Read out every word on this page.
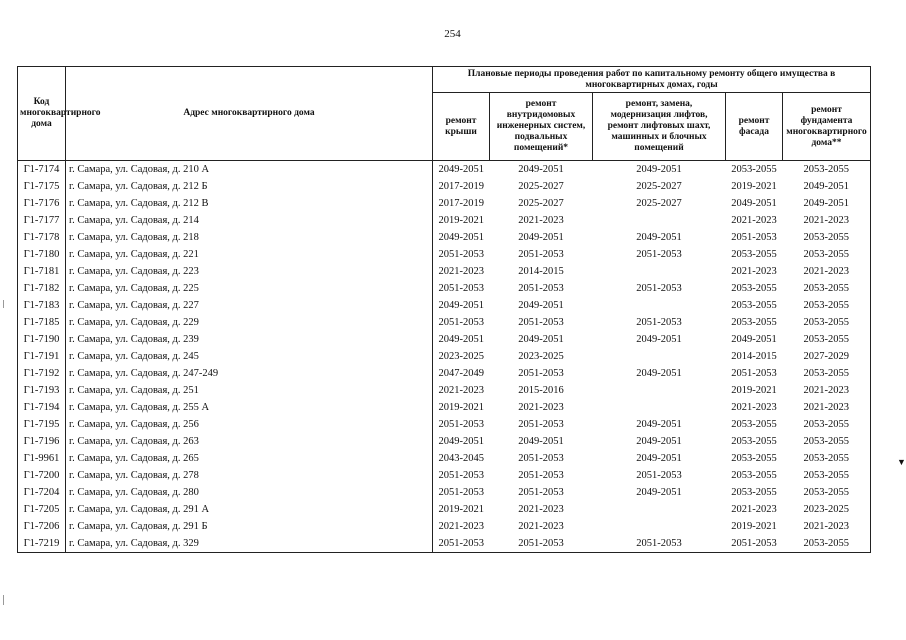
254
Код многоквартирного дома	Адрес многоквартирного дома	Плановые периоды проведения работ по капитальному ремонту общего имущества в многоквартирных домах, годы				
		ремонт крыши	ремонт внутридомовых инженерных систем, подвальных помещений*	ремонт, замена, модернизация лифтов, ремонт лифтовых шахт, машинных и блочных помещений	ремонт фасада	ремонт фундамента многоквартирного дома**
Г1-7174	г. Самара, ул. Садовая, д. 210 А	2049-2051	2049-2051	2049-2051	2053-2055	2053-2055
Г1-7175	г. Самара, ул. Садовая, д. 212 Б	2017-2019	2025-2027	2025-2027	2019-2021	2049-2051
Г1-7176	г. Самара, ул. Садовая, д. 212 В	2017-2019	2025-2027	2025-2027	2049-2051	2049-2051
Г1-7177	г. Самара, ул. Садовая, д. 214	2019-2021	2021-2023		2021-2023	2021-2023
Г1-7178	г. Самара, ул. Садовая, д. 218	2049-2051	2049-2051	2049-2051	2051-2053	2053-2055
Г1-7180	г. Самара, ул. Садовая, д. 221	2051-2053	2051-2053	2051-2053	2053-2055	2053-2055
Г1-7181	г. Самара, ул. Садовая, д. 223	2021-2023	2014-2015		2021-2023	2021-2023
Г1-7182	г. Самара, ул. Садовая, д. 225	2051-2053	2051-2053	2051-2053	2053-2055	2053-2055
Г1-7183	г. Самара, ул. Садовая, д. 227	2049-2051	2049-2051		2053-2055	2053-2055
Г1-7185	г. Самара, ул. Садовая, д. 229	2051-2053	2051-2053	2051-2053	2053-2055	2053-2055
Г1-7190	г. Самара, ул. Садовая, д. 239	2049-2051	2049-2051	2049-2051	2049-2051	2053-2055
Г1-7191	г. Самара, ул. Садовая, д. 245	2023-2025	2023-2025		2014-2015	2027-2029
Г1-7192	г. Самара, ул. Садовая, д. 247-249	2047-2049	2051-2053	2049-2051	2051-2053	2053-2055
Г1-7193	г. Самара, ул. Садовая, д. 251	2021-2023	2015-2016		2019-2021	2021-2023
Г1-7194	г. Самара, ул. Садовая, д. 255 А	2019-2021	2021-2023		2021-2023	2021-2023
Г1-7195	г. Самара, ул. Садовая, д. 256	2051-2053	2051-2053	2049-2051	2053-2055	2053-2055
Г1-7196	г. Самара, ул. Садовая, д. 263	2049-2051	2049-2051	2049-2051	2053-2055	2053-2055
Г1-9961	г. Самара, ул. Садовая, д. 265	2043-2045	2051-2053	2049-2051	2053-2055	2053-2055
Г1-7200	г. Самара, ул. Садовая, д. 278	2051-2053	2051-2053	2051-2053	2053-2055	2053-2055
Г1-7204	г. Самара, ул. Садовая, д. 280	2051-2053	2051-2053	2049-2051	2053-2055	2053-2055
Г1-7205	г. Самара, ул. Садовая, д. 291 А	2019-2021	2021-2023		2021-2023	2023-2025
Г1-7206	г. Самара, ул. Садовая, д. 291 Б	2021-2023	2021-2023		2019-2021	2021-2023
Г1-7219	г. Самара, ул. Садовая, д. 329	2051-2053	2051-2053	2051-2053	2051-2053	2053-2055
▼
